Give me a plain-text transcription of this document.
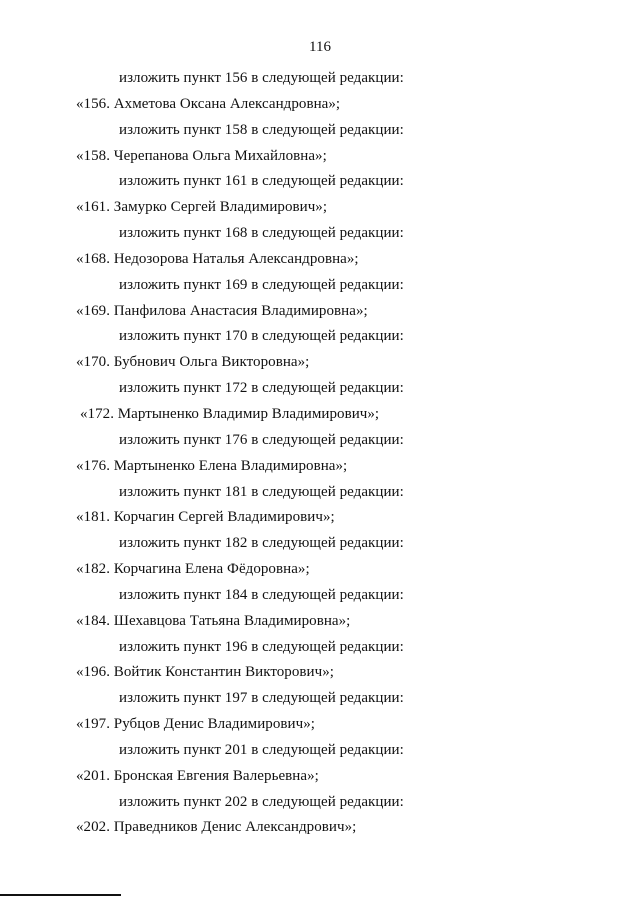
116
изложить пункт 156 в следующей редакции:
«156. Ахметова Оксана Александровна»;
изложить пункт 158 в следующей редакции:
«158. Черепанова Ольга Михайловна»;
изложить пункт 161 в следующей редакции:
«161. Замурко Сергей Владимирович»;
изложить пункт 168 в следующей редакции:
«168. Недозорова Наталья Александровна»;
изложить пункт 169 в следующей редакции:
«169. Панфилова Анастасия Владимировна»;
изложить пункт 170 в следующей редакции:
«170. Бубнович Ольга Викторовна»;
изложить пункт 172 в следующей редакции:
«172. Мартыненко Владимир Владимирович»;
изложить пункт 176 в следующей редакции:
«176. Мартыненко Елена Владимировна»;
изложить пункт 181 в следующей редакции:
«181. Корчагин Сергей Владимирович»;
изложить пункт 182 в следующей редакции:
«182. Корчагина Елена Фёдоровна»;
изложить пункт 184 в следующей редакции:
«184. Шехавцова Татьяна Владимировна»;
изложить пункт 196 в следующей редакции:
«196. Войтик Константин Викторович»;
изложить пункт 197 в следующей редакции:
«197. Рубцов Денис Владимирович»;
изложить пункт 201 в следующей редакции:
«201. Бронская Евгения Валерьевна»;
изложить пункт 202 в следующей редакции:
«202. Праведников Денис Александрович»;
